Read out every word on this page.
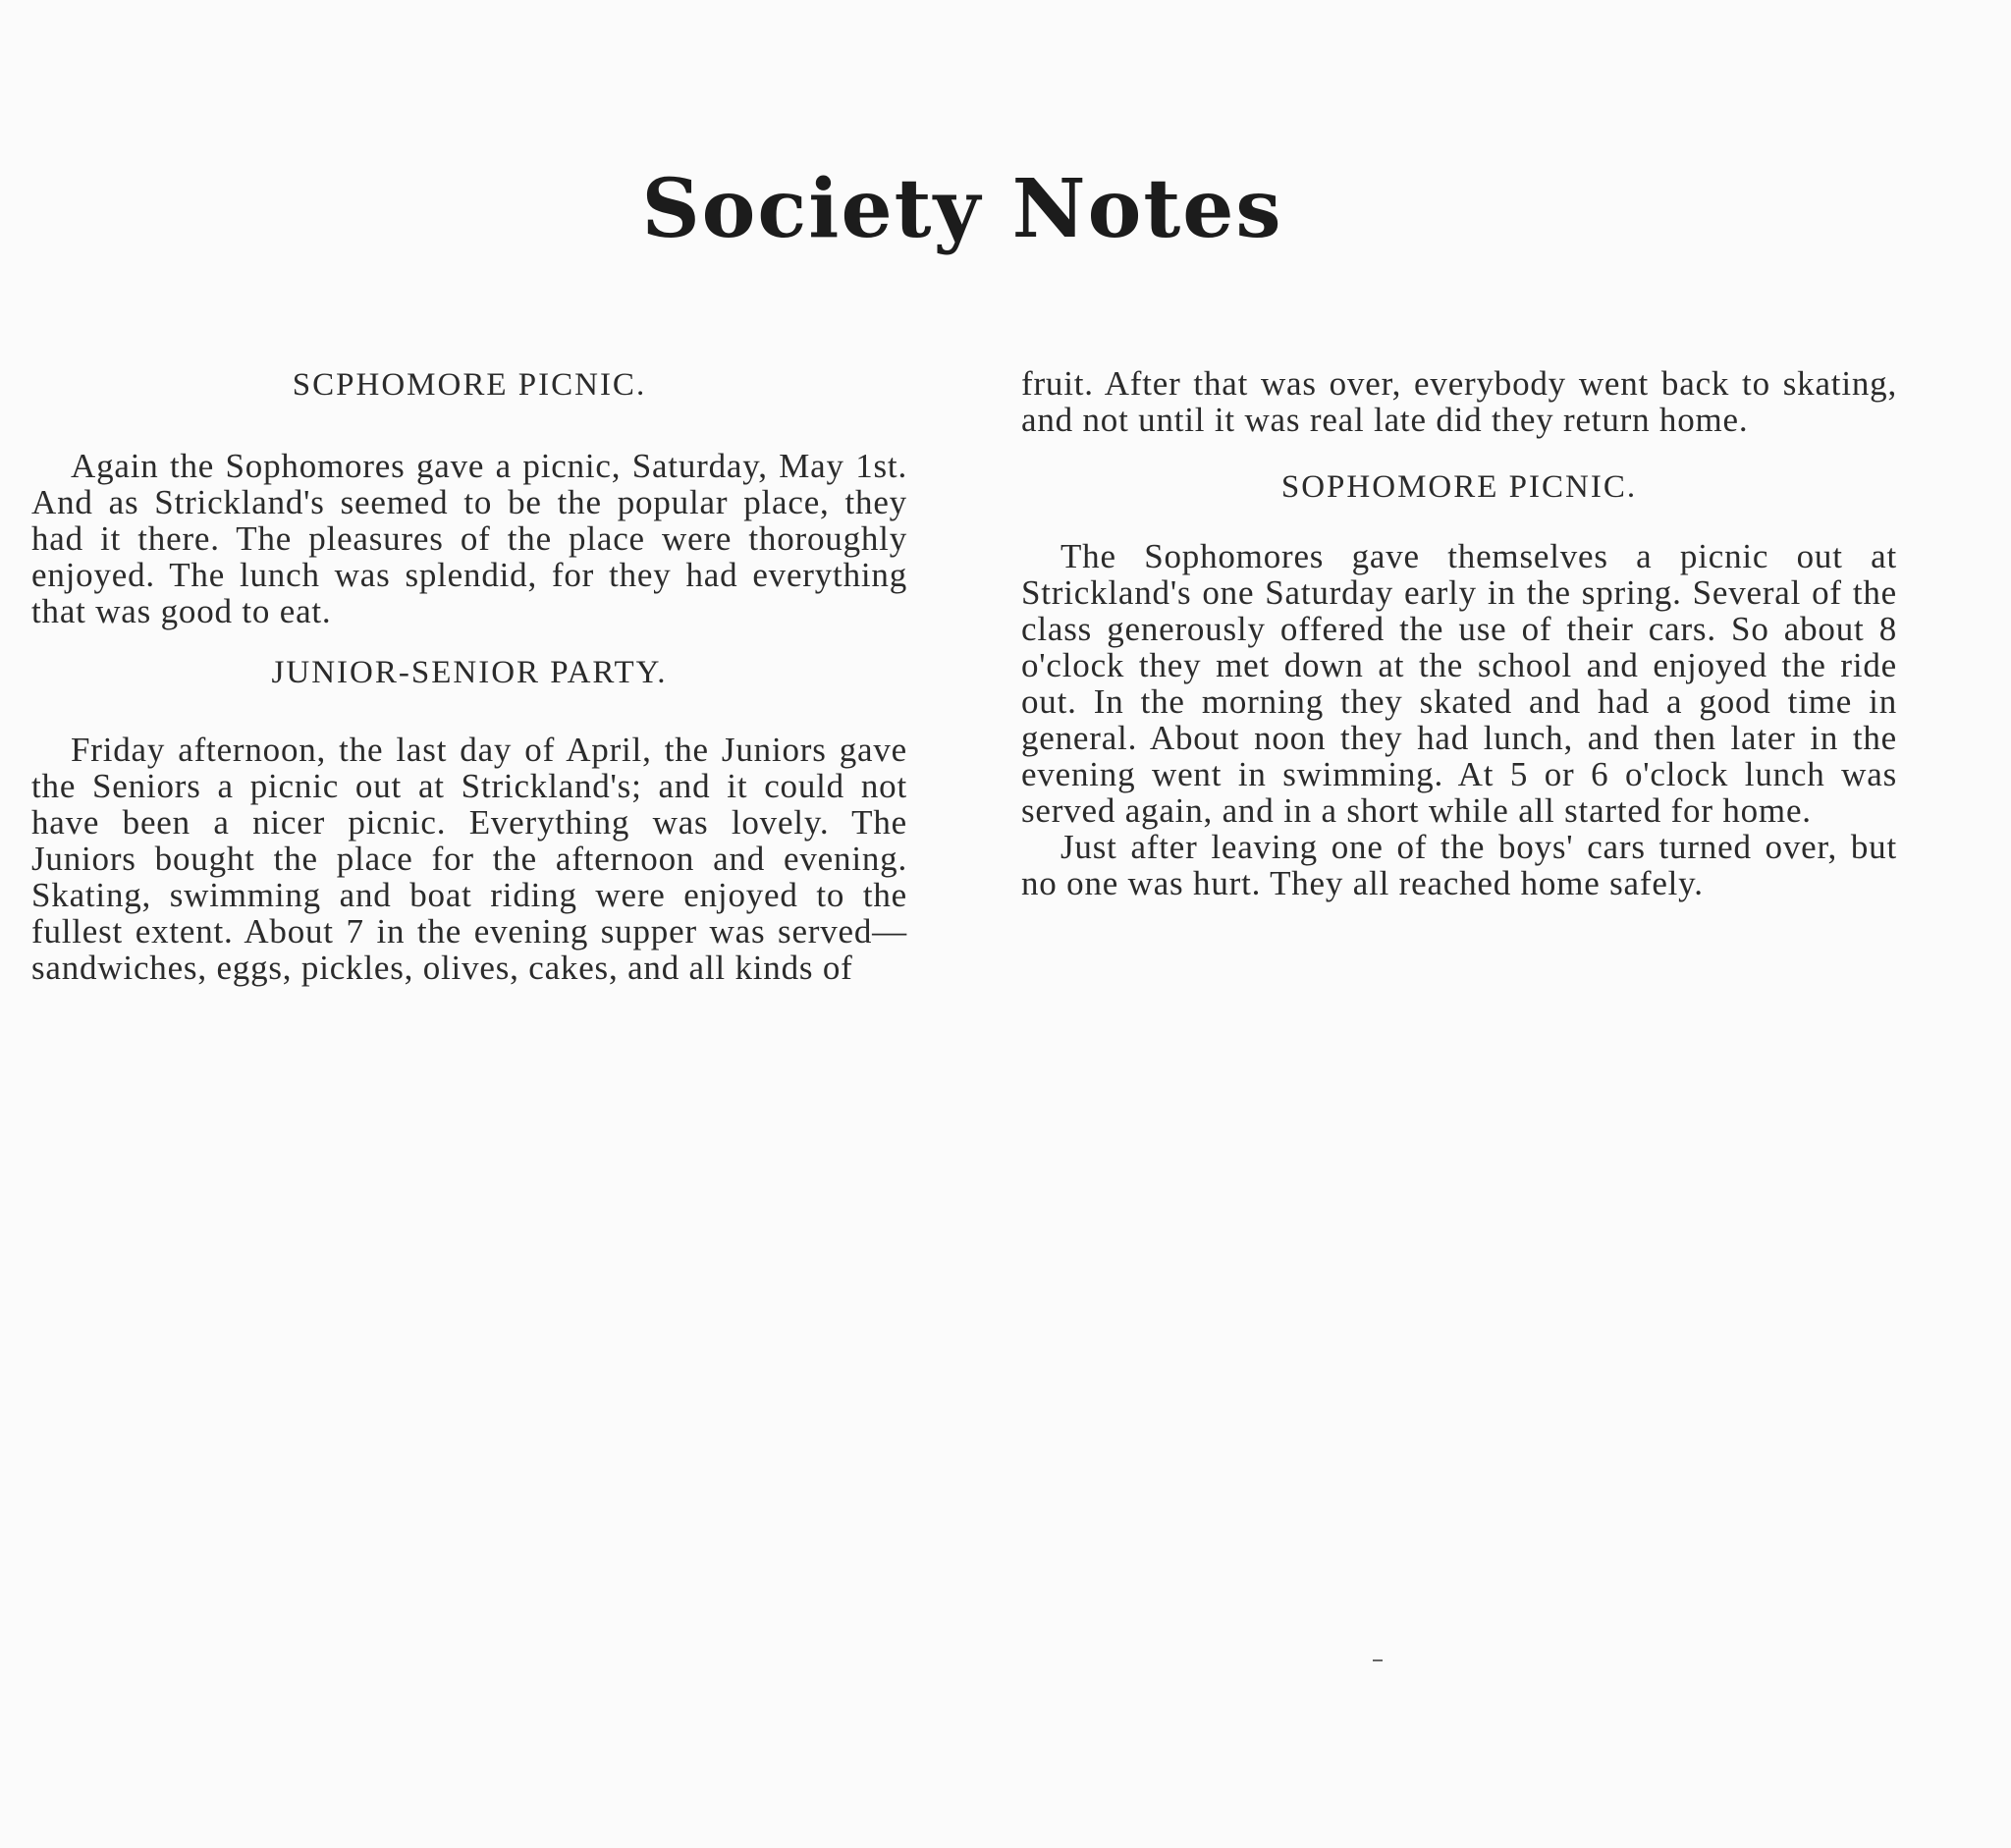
Society Notes
SCPHOMORE PICNIC.

Again the Sophomores gave a picnic, Saturday, May 1st. And as Strickland's seemed to be the popular place, they had it there. The pleasures of the place were thoroughly enjoyed. The lunch was splendid, for they had everything that was good to eat.

JUNIOR-SENIOR PARTY.

Friday afternoon, the last day of April, the Juniors gave the Seniors a picnic out at Strickland's; and it could not have been a nicer picnic. Everything was lovely. The Juniors bought the place for the afternoon and evening. Skating, swimming and boat riding were enjoyed to the fullest extent. About 7 in the evening supper was served—sandwiches, eggs, pickles, olives, cakes, and all kinds of

fruit. After that was over, everybody went back to skating, and not until it was real late did they return home.

SOPHOMORE PICNIC.

The Sophomores gave themselves a picnic out at Strickland's one Saturday early in the spring. Several of the class generously offered the use of their cars. So about 8 o'clock they met down at the school and enjoyed the ride out. In the morning they skated and had a good time in general. About noon they had lunch, and then later in the evening went in swimming. At 5 or 6 o'clock lunch was served again, and in a short while all started for home.

Just after leaving one of the boys' cars turned over, but no one was hurt. They all reached home safely.
